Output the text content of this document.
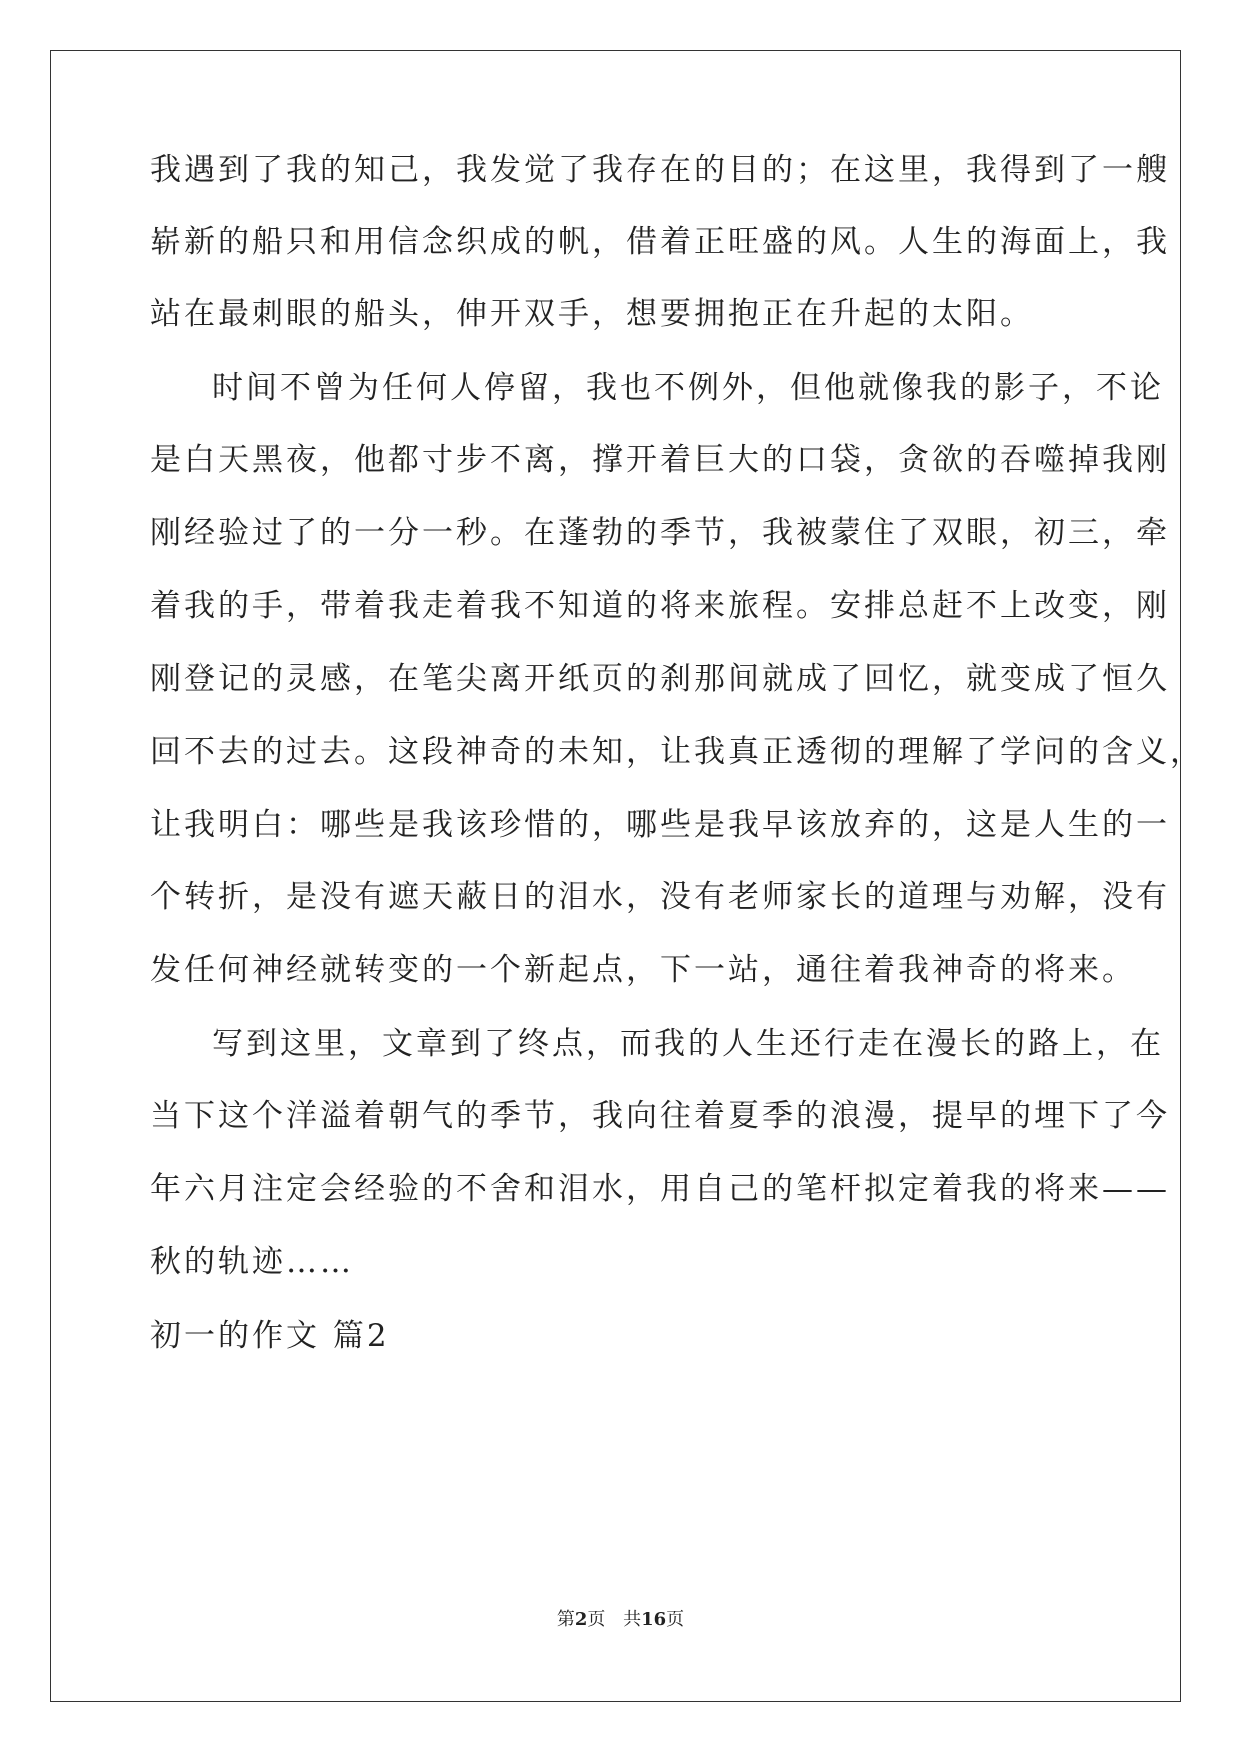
我遇到了我的知己，我发觉了我存在的目的；在这里，我得到了一艘
崭新的船只和用信念织成的帆，借着正旺盛的风。人生的海面上，我
站在最刺眼的船头，伸开双手，想要拥抱正在升起的太阳。
时间不曾为任何人停留，我也不例外，但他就像我的影子，不论
是白天黑夜，他都寸步不离，撑开着巨大的口袋，贪欲的吞噬掉我刚
刚经验过了的一分一秒。在蓬勃的季节，我被蒙住了双眼，初三，牵
着我的手，带着我走着我不知道的将来旅程。安排总赶不上改变，刚
刚登记的灵感，在笔尖离开纸页的刹那间就成了回忆，就变成了恒久
回不去的过去。这段神奇的未知，让我真正透彻的理解了学问的含义，
让我明白：哪些是我该珍惜的，哪些是我早该放弃的，这是人生的一
个转折，是没有遮天蔽日的泪水，没有老师家长的道理与劝解，没有
发任何神经就转变的一个新起点，下一站，通往着我神奇的将来。
写到这里，文章到了终点，而我的人生还行走在漫长的路上，在
当下这个洋溢着朝气的季节，我向往着夏季的浪漫，提早的埋下了今
年六月注定会经验的不舍和泪水，用自己的笔杆拟定着我的将来——
秋的轨迹……
初一的作文 篇2
第2页 共16页
